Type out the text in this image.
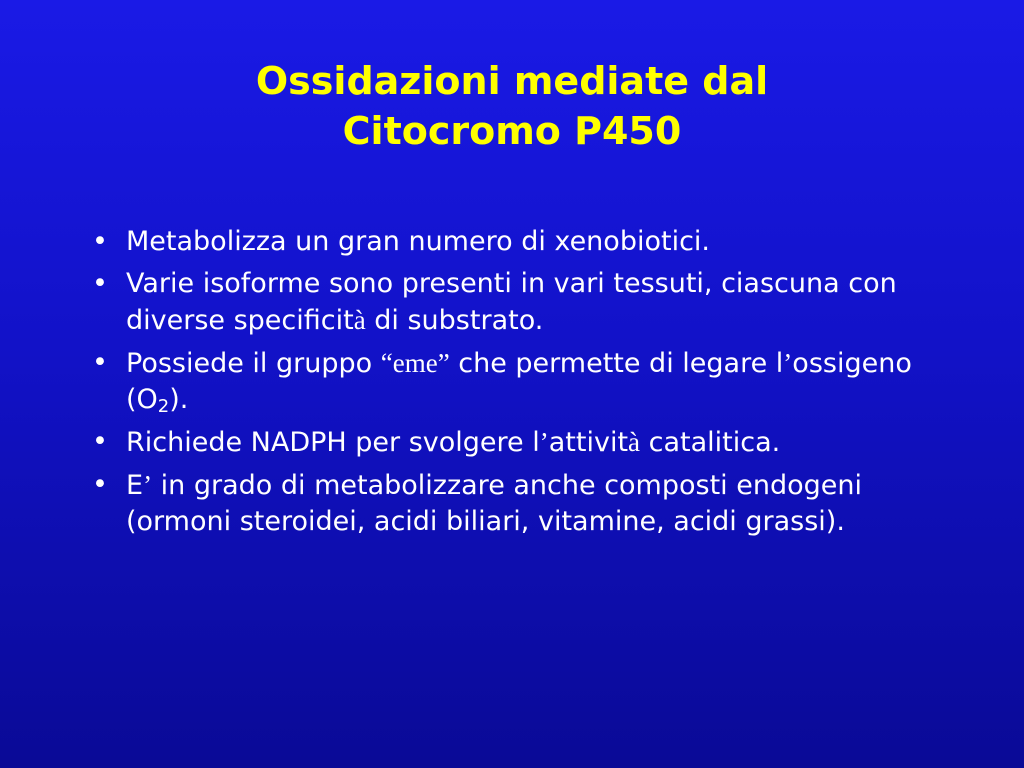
Ossidazioni mediate dal
Citocromo P450
• Metabolizza un gran numero di xenobiotici.
• Varie isoforme sono presenti in vari tessuti, ciascuna con diverse specificità di substrato.
• Possiede il gruppo “eme” che permette di legare l’ossigeno $(O_2)$.
• Richiede NADPH per svolgere l’attività catalitica.
• E’ in grado di metabolizzare anche composti endogeni (ormoni steroidei, acidi biliari, vitamine, acidi grassi).
